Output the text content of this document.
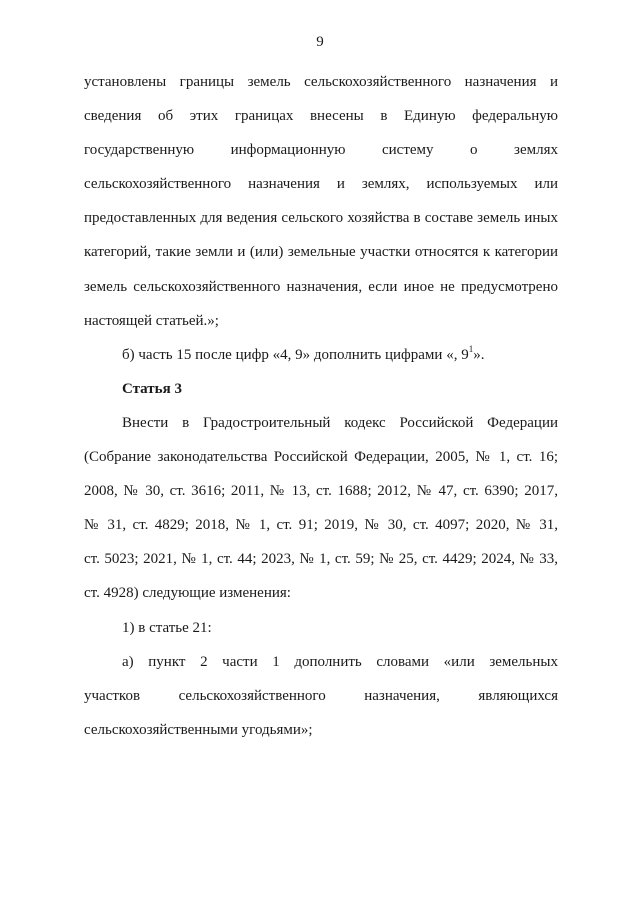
9
установлены границы земель сельскохозяйственного назначения и
сведения об этих границах внесены в Единую федеральную
государственную информационную систему о землях
сельскохозяйственного назначения и землях, используемых или
предоставленных для ведения сельского хозяйства в составе земель иных
категорий, такие земли и (или) земельные участки относятся к категории
земель сельскохозяйственного назначения, если иное не предусмотрено
настоящей статьей.»;
б) часть 15 после цифр «4, 9» дополнить цифрами «, $9^1$».
Статья 3
Внести в Градостроительный кодекс Российской Федерации
(Собрание законодательства Российской Федерации, 2005, № 1, ст. 16;
2008, № 30, ст. 3616; 2011, № 13, ст. 1688; 2012, № 47, ст. 6390; 2017,
№ 31, ст. 4829; 2018, № 1, ст. 91; 2019, № 30, ст. 4097; 2020, № 31,
ст. 5023; 2021, № 1, ст. 44; 2023, № 1, ст. 59; № 25, ст. 4429; 2024, № 33,
ст. 4928) следующие изменения:
1) в статье 21:
а) пункт 2 части 1 дополнить словами «или земельных
участков сельскохозяйственного назначения, являющихся
сельскохозяйственными угодьями»;
